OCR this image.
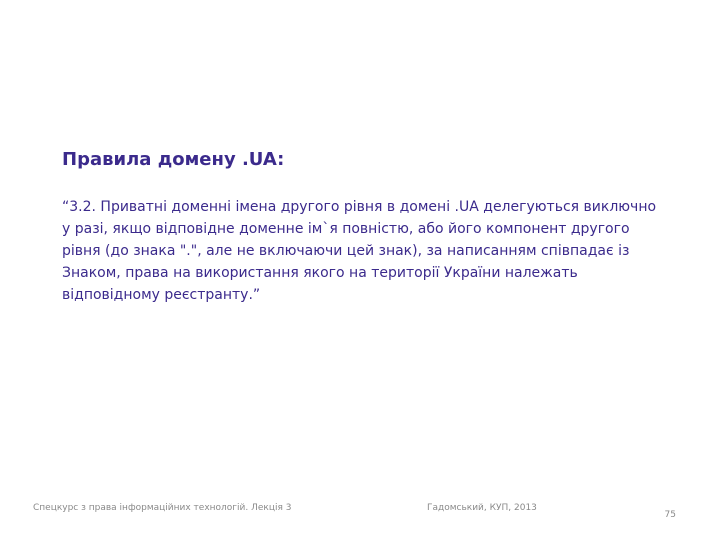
Правила домену .UA:

“3.2. Приватні доменні імена другого рівня в домені .UA делегуються виключно у разі, якщо відповідне доменне ім`я повністю, або його компонент другого рівня (до знака ".", але не включаючи цей знак), за написанням співпадає із Знаком, права на використання якого на території України належать відповідному реєстранту.”

Спецкурс з права інформаційних технологій. Лекція 3	Гадомський, КУП, 2013
75
